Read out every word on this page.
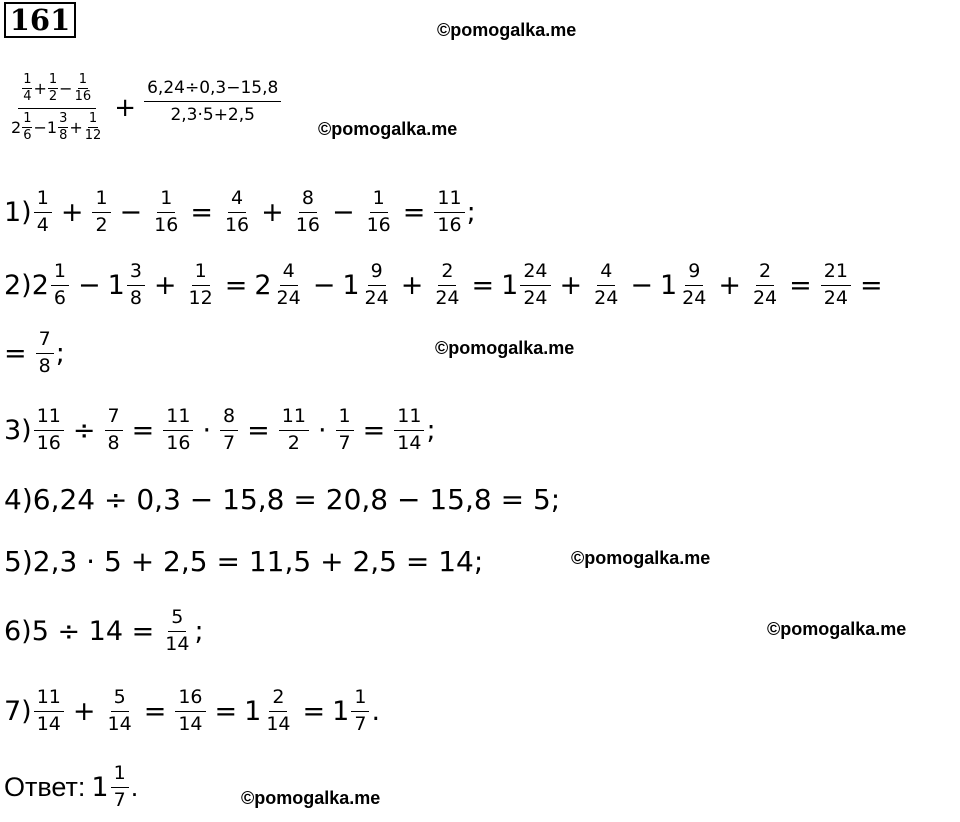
161	©pomogalka.me
©pomogalka.me
©pomogalka.me
©pomogalka.me
©pomogalka.me
©pomogalka.me
1
4 + 1
2 − 1
16
2 1
6 − 1 3
8 + 1
12
+ $\frac{6,24\div 0,3-15,8}{2,3\cdot 5+2,5}$
1) 1
$4 + \frac{1}{2} - \frac{1}{16} = \frac{4}{16} + \frac{8}{16} - \frac{1}{16} = \frac{11}{16}$ ;
2) 2 1
6 − 1 3
$8 + \frac{1}{12} = 2$ 4
24 − 1 9
$24 + \frac{2}{24} = 1$ 24
$24 + \frac{4}{24} - 1$ 9
$24 + \frac{2}{24} = \frac{21}{24}$ =
= $\frac{7}{8}$ ;
$3) \frac{11}{16} \div \frac{7}{8} = \frac{11}{16} \cdot \frac{8}{7} = \frac{11}{2} \cdot \frac{1}{7} = \frac{11}{14}$ ;
4) 6,24 ÷ 0,3 − 15,8 = 20,8 − 15,8 = 5;
5) 2,3 · 5 + 2,5 = 11,5 + 2,5 = 14;
6) $5 \div 14 = \frac{5}{14}$ ;
7) 11
$14 + \frac{5}{14} = \frac{16}{14} = 1 \frac{2}{14} = 1$ 1
7 .
Ответ: 1 1
7 .
